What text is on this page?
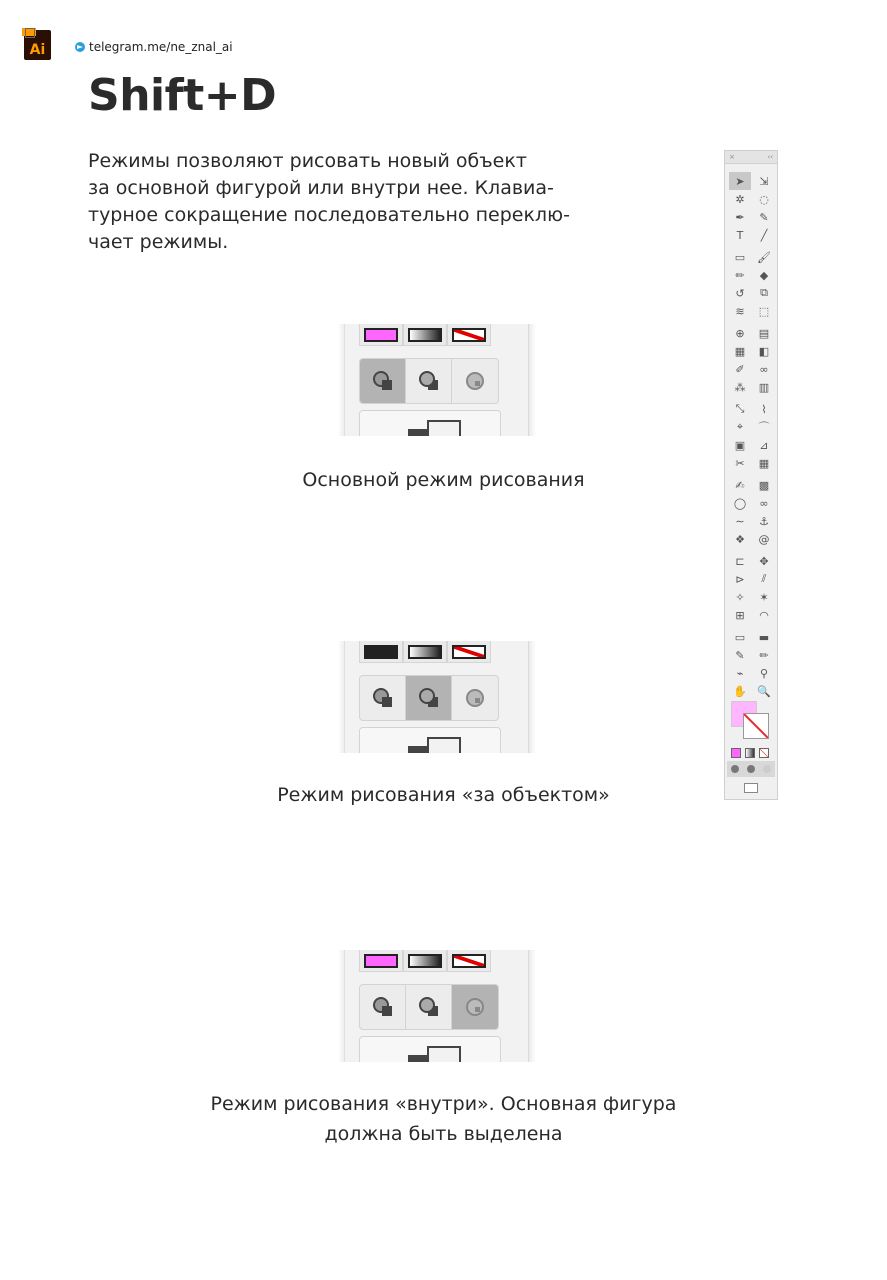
Ai	telegram.me/ne_znal_ai
Shift+D

Режимы позволяют рисовать новый объект
за основной фигурой или внутри нее. Клавиа-
турное сокращение последовательно переклю-
чает режимы.

Основной режим рисования

Режим рисования «за объектом»

Режим рисования «внутри». Основная фигура
должна быть выделена

×	‹‹
➤	⇲
✲	◌
✒	✎
T	╱
▭	🖌
✏	◆
↺	⧉
≋	⬚
⊕	▤
▦	◧
✐	∞
⁂	▥
⤡	⌇
⌖	⌒
▣	⊿
✂	▦
✍	▩
◯	∞
∼	⚓
❖	@
⊏	✥
⊳	⫽
✧	✶
⊞	◠
▭	▬
✎	✏
⌁	⚲
✋ 🔍
